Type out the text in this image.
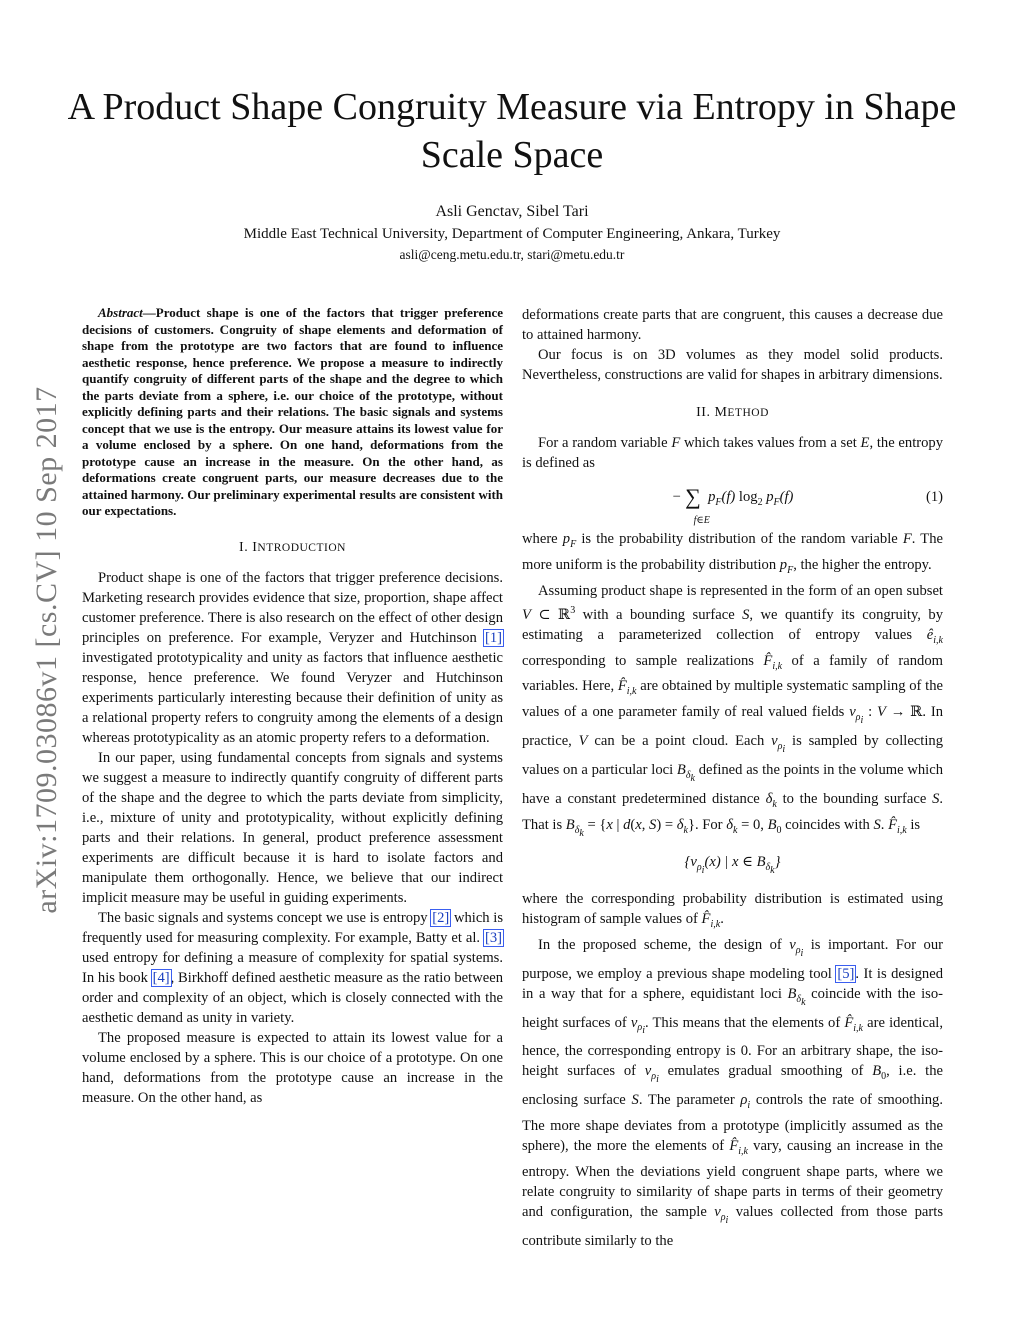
arXiv:1709.03086v1 [cs.CV] 10 Sep 2017
A Product Shape Congruity Measure via Entropy in Shape Scale Space
Asli Genctav, Sibel Tari
Middle East Technical University, Department of Computer Engineering, Ankara, Turkey
asli@ceng.metu.edu.tr, stari@metu.edu.tr

Abstract—Product shape is one of the factors that trigger preference decisions of customers. Congruity of shape elements and deformation of shape from the prototype are two factors that are found to influence aesthetic response, hence preference. We propose a measure to indirectly quantify congruity of different parts of the shape and the degree to which the parts deviate from a sphere, i.e. our choice of the prototype, without explicitly defining parts and their relations. The basic signals and systems concept that we use is the entropy. Our measure attains its lowest value for a volume enclosed by a sphere. On one hand, deformations from the prototype cause an increase in the measure. On the other hand, as deformations create congruent parts, our measure decreases due to the attained harmony. Our preliminary experimental results are consistent with our expectations.

I. INTRODUCTION

Product shape is one of the factors that trigger preference decisions. Marketing research provides evidence that size, proportion, shape affect customer preference. There is also research on the effect of other design principles on preference. For example, Veryzer and Hutchinson [1] investigated prototypicality and unity as factors that influence aesthetic response, hence preference. We found Veryzer and Hutchinson experiments particularly interesting because their definition of unity as a relational property refers to congruity among the elements of a design whereas prototypicality as an atomic property refers to a deformation.

In our paper, using fundamental concepts from signals and systems we suggest a measure to indirectly quantify congruity of different parts of the shape and the degree to which the parts deviate from simplicity, i.e., mixture of unity and prototypicality, without explicitly defining parts and their relations. In general, product preference assessment experiments are difficult because it is hard to isolate factors and manipulate them orthogonally. Hence, we believe that our indirect implicit measure may be useful in guiding experiments.

The basic signals and systems concept we use is entropy [2] which is frequently used for measuring complexity. For example, Batty et al. [3] used entropy for defining a measure of complexity for spatial systems. In his book [4], Birkhoff defined aesthetic measure as the ratio between order and complexity of an object, which is closely connected with the aesthetic demand as unity in variety.

The proposed measure is expected to attain its lowest value for a volume enclosed by a sphere. This is our choice of a prototype. On one hand, deformations from the prototype cause an increase in the measure. On the other hand, as

deformations create parts that are congruent, this causes a decrease due to attained harmony.

Our focus is on 3D volumes as they model solid products. Nevertheless, constructions are valid for shapes in arbitrary dimensions.

II. METHOD

For a random variable F which takes values from a set E, the entropy is defined as

− ∑
f∈E
$p_F(f)$ $\log_2 p_F(f)$	(1)

where $p_F$ is the probability distribution of the random variable F. The more uniform is the probability distribution $p_F$, the higher the entropy.

Assuming product shape is represented in the form of an open subset V ⊂ ℝ$^3$ with a bounding surface S, we quantify its congruity, by estimating a parameterized collection of entropy values $ê_{i,k}$ corresponding to sample realizations $F̂_{i,k}$ of a family of random variables. Here, $F̂_{i,k}$ are obtained by multiple systematic sampling of the values of a one parameter family of real valued fields $v_{\rho_i}$ : V → ℝ. In practice, V can be a point cloud. Each $v_{\rho_i}$ is sampled by collecting values on a particular loci $B_{\delta_k}$ defined as the points in the volume which have a constant predetermined distance $\delta_k$ to the bounding surface S. That is $B_{\delta_k} = \{x$ | d(x, $S) = \delta_k$}. For $\delta_k = 0$, $B_0$ coincides with S. $F̂_{i,k}$ is

{$v_{\rho_i}(x)$ | x ∈ $B_{\delta_k}$}

where the corresponding probability distribution is estimated using histogram of sample values of $F̂_{i,k}$.

In the proposed scheme, the design of $v_{\rho_i}$ is important. For our purpose, we employ a previous shape modeling tool [5]. It is designed in a way that for a sphere, equidistant loci $B_{\delta_k}$ coincide with the iso-height surfaces of $v_{\rho_i}$. This means that the elements of $F̂_{i,k}$ are identical, hence, the corresponding entropy is 0. For an arbitrary shape, the iso-height surfaces of $v_{\rho_i}$ emulates gradual smoothing of $B_0$, i.e. the enclosing surface S. The parameter $\rho_i$ controls the rate of smoothing. The more shape deviates from a prototype (implicitly assumed as the sphere), the more the elements of $F̂_{i,k}$ vary, causing an increase in the entropy. When the deviations yield congruent shape parts, where we relate congruity to similarity of shape parts in terms of their geometry and configuration, the sample $v_{\rho_i}$ values collected from those parts contribute similarly to the
